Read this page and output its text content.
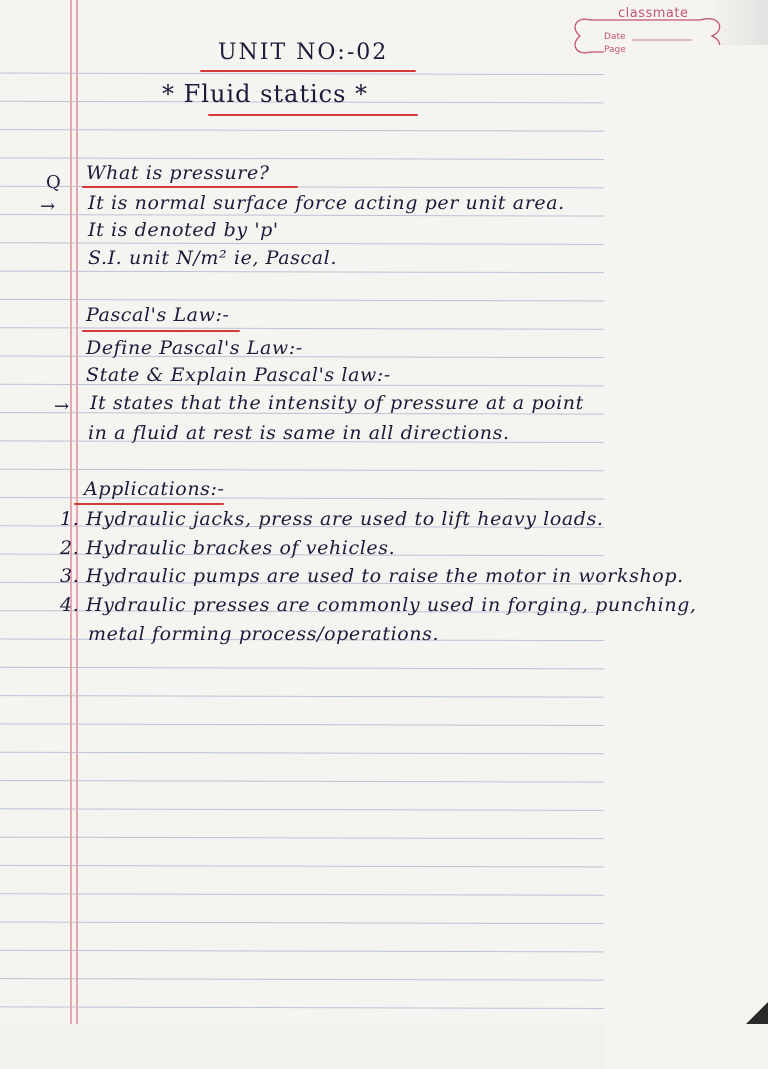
classmate
Date
Page
UNIT NO:-02
* Fluid statics *
Q What is pressure?
→ It is normal surface force acting per unit area.
It is denoted by 'p'
S.I. unit N/m² ie, Pascal.
Pascal's Law:-
Define Pascal's Law:-
State & Explain Pascal's law:-
→ It states that the intensity of pressure at a point
in a fluid at rest is same in all directions.
Applications:-
1. Hydraulic jacks, press are used to lift heavy loads.
2. Hydraulic brackes of vehicles.
3. Hydraulic pumps are used to raise the motor in workshop.
4. Hydraulic presses are commonly used in forging, punching,
metal forming process/operations.
